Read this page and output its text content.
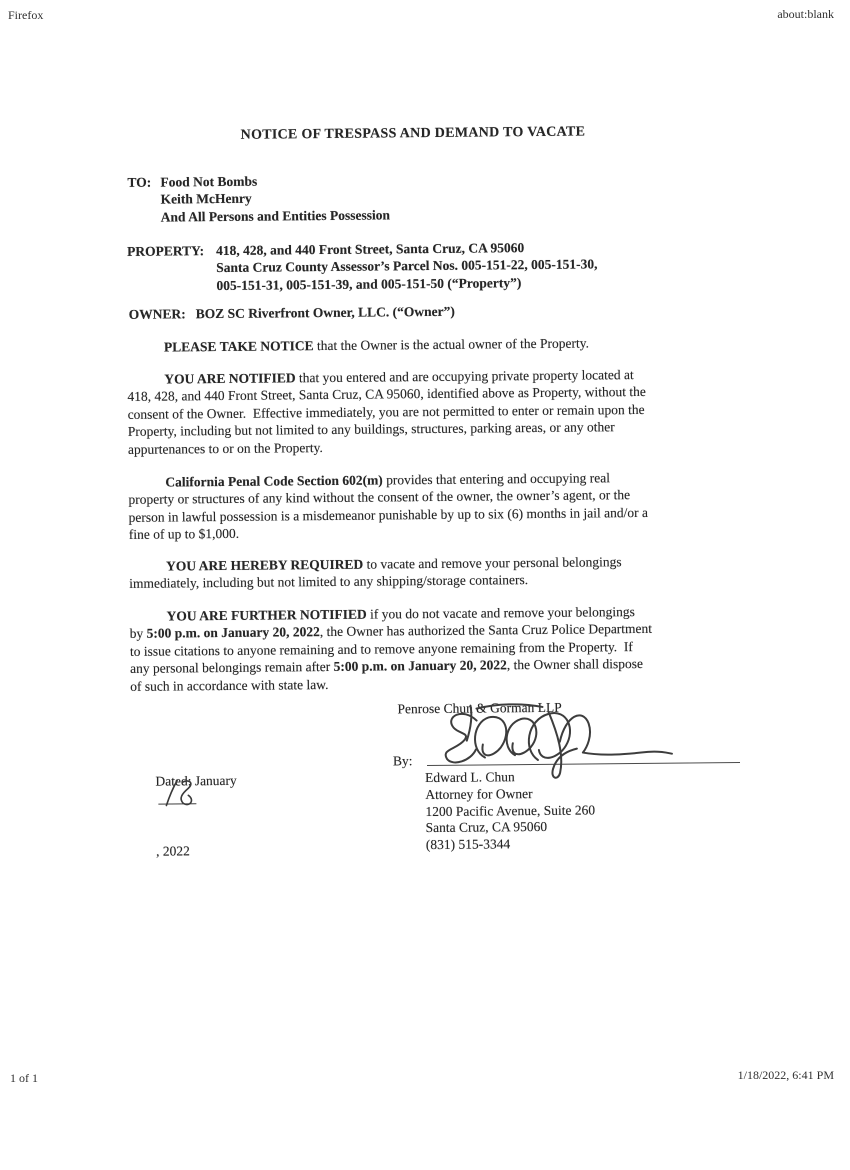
Firefox	about:blank
NOTICE OF TRESPASS AND DEMAND TO VACATE
TO: Food Not Bombs
Keith McHenry
And All Persons and Entities Possession
PROPERTY: 418, 428, and 440 Front Street, Santa Cruz, CA 95060
Santa Cruz County Assessor’s Parcel Nos. 005-151-22, 005-151-30,
005-151-31, 005-151-39, and 005-151-50 (“Property”)
OWNER: BOZ SC Riverfront Owner, LLC. (“Owner”)
PLEASE TAKE NOTICE that the Owner is the actual owner of the Property.
YOU ARE NOTIFIED that you entered and are occupying private property located at
418, 428, and 440 Front Street, Santa Cruz, CA 95060, identified above as Property, without the
consent of the Owner.  Effective immediately, you are not permitted to enter or remain upon the
Property, including but not limited to any buildings, structures, parking areas, or any other
appurtenances to or on the Property.
California Penal Code Section 602(m) provides that entering and occupying real
property or structures of any kind without the consent of the owner, the owner’s agent, or the
person in lawful possession is a misdemeanor punishable by up to six (6) months in jail and/or a
fine of up to $1,000.
YOU ARE HEREBY REQUIRED to vacate and remove your personal belongings
immediately, including but not limited to any shipping/storage containers.
YOU ARE FURTHER NOTIFIED if you do not vacate and remove your belongings
by 5:00 p.m. on January 20, 2022, the Owner has authorized the Santa Cruz Police Department
to issue citations to anyone remaining and to remove anyone remaining from the Property.  If
any personal belongings remain after 5:00 p.m. on January 20, 2022, the Owner shall dispose
of such in accordance with state law.
Penrose Chun & Gorman LLP
By:
Edward L. Chun
Attorney for Owner
1200 Pacific Avenue, Suite 260
Santa Cruz, CA 95060
(831) 515-3344

Dated: January

, 2022

1 of 1	1/18/2022, 6:41 PM
